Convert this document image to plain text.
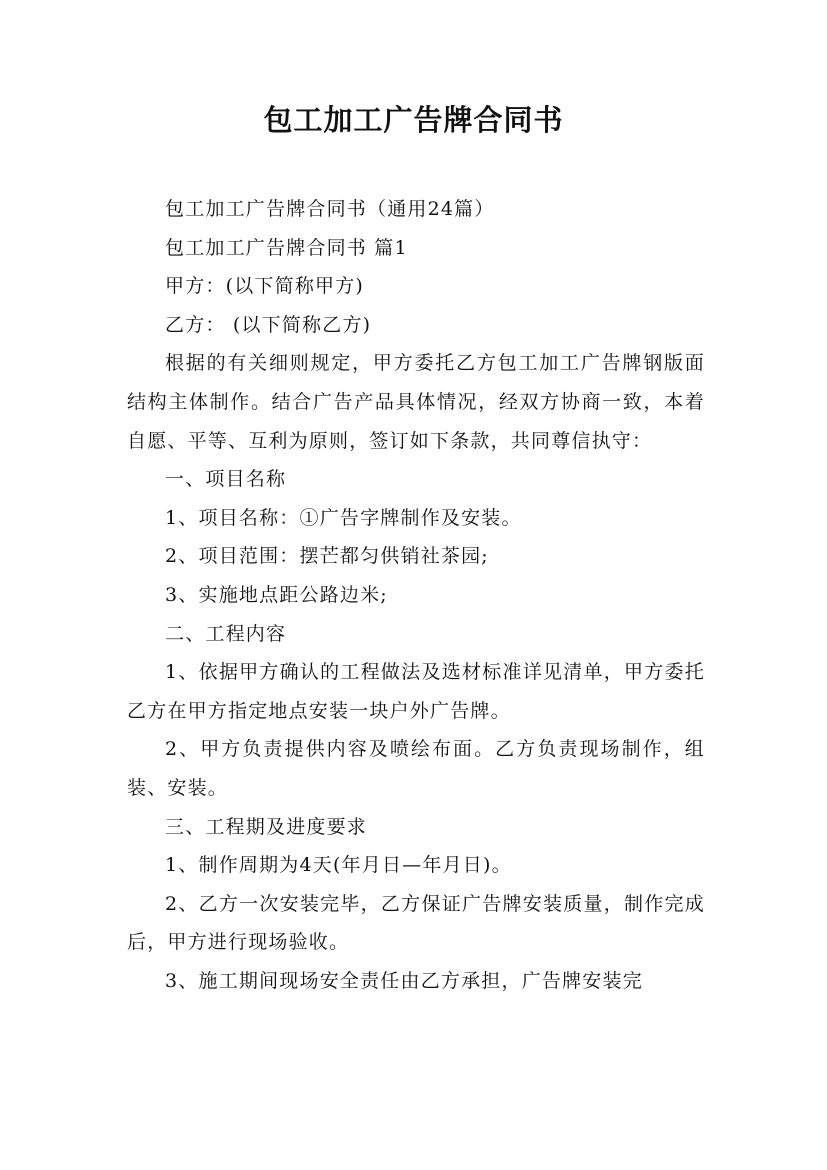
包工加工广告牌合同书

包工加工广告牌合同书（通用24篇）

包工加工广告牌合同书 篇1

甲方：(以下简称甲方)

乙方： (以下简称乙方)

根据的有关细则规定，甲方委托乙方包工加工广告牌钢版面结构主体制作。结合广告产品具体情况，经双方协商一致，本着自愿、平等、互利为原则，签订如下条款，共同尊信执守：

一、项目名称

1、项目名称：①广告字牌制作及安装。

2、项目范围：摆芒都匀供销社茶园;

3、实施地点距公路边米;

二、工程内容

1、依据甲方确认的工程做法及选材标准详见清单，甲方委托乙方在甲方指定地点安装一块户外广告牌。

2、甲方负责提供内容及喷绘布面。乙方负责现场制作，组装、安装。

三、工程期及进度要求

1、制作周期为4天(年月日—年月日)。

2、乙方一次安装完毕，乙方保证广告牌安装质量，制作完成后，甲方进行现场验收。

3、施工期间现场安全责任由乙方承担，广告牌安装完
